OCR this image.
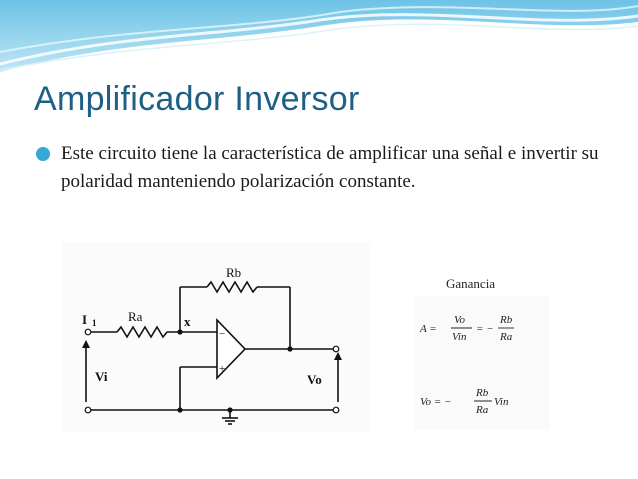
Amplificador Inversor
Este circuito tiene la característica de amplificar una señal e invertir su polaridad manteniendo polarización constante.
Rb
Ra
I 1	x
−
+
Vi	Vo
Ganancia
A =
Vo
Vin
= −
Rb
Ra
Vo = −
Rb
Ra
Vin
